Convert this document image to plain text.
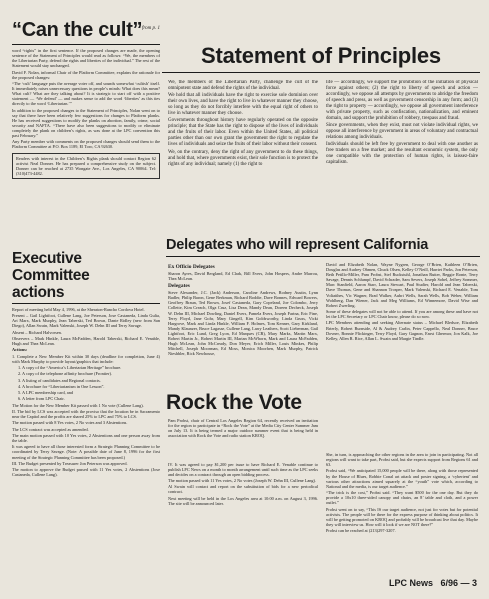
“Can the cult”
– from p. 1

word “rights” in the first sentence. If the proposed changes are made, the opening sentence of the Statement of Principles would read as follows: “We, the members of the Libertarian Party, defend the rights and liberties of the individual.” The rest of the Statement would stay unchanged.

David F. Nolan, informal Chair of the Platform Committee, explains the rationale for the proposed changes:

“The ‘cult’ language puts the average voter off, and sounds somewhat ‘cultish’ itself. It immediately raises unnecessary questions in people’s minds: What does this mean? What cult? What are they talking about? It is strategic to start off with a positive statement — ‘We defend’ — and makes sense to add the word ‘liberties’ as this ties directly to the word ‘Libertarian.’”

In addition to the proposed changes to the Statement of Principles, Nolan went on to say that there have been relatively few suggestions for changes to Platform planks. He has received suggestions to modify the planks on abortion, family, crime, social security and NAFTA. “There have also been suggestions to modify or eliminate completely the plank on children’s rights, as was done at the LPC convention this past February.”

Any Party member with comments on the proposed changes should send them to the Platform Committee at P.O. Box 1189, El Toro, CA 92630.

Readers with interest in the Children’s Rights plank should contact Region 62 activist Neal Donner. He has prepared a comprehensive study on the subject. Donner can be reached at 2735 Wongate Ave., Los Angeles, CA 90064. Tel: (310)473-4482.

Statement of Principles

We, the members of the Libertarian Party, challenge the cult of the omnipotent state and defend the rights of the individual.

We hold that all individuals have the right to exercise sole dominion over their own lives, and have the right to live in whatever manner they choose, so long as they do not forcibly interfere with the equal right of others to live in whatever manner they choose.

Governments throughout history have regularly operated on the opposite principle; that the State has the right to dispose of the lives of individuals and the fruits of their labor. Even within the United States, all political parties other than our own grant the government the right to regulate the lives of individuals and seize the fruits of their labor without their consent.

We, on the contrary, deny the right of any government to do these things, and hold that, where governments exist, their sole function is to protect the rights of any individual; namely (1) the right to

life — accordingly, we support the prohibition of the initiation of physical force against others; (2) the right to liberty of speech and action — accordingly, we oppose all attempts by governments to abridge the freedom of speech and press, as well as government censorship in any form; and (3) the right to property — accordingly, we oppose all government interference with private property, such as confiscation, nationalization, and eminent domain, and support the prohibition of robbery, trespass and fraud.

Since governments, when they exist, must not violate individual rights, we oppose all interference by government in areas of voluntary and contractual relations among individuals.

Individuals should be left free by government to deal with one another as free traders on a free market; and the resultant economic system, the only one compatible with the protection of human rights, is laissez-faire capitalism.

Executive Committee
actions

Report of meeting held May 4, 1996, at the Sheraton-Rancho Cordova Hotel.

Present – Gail Lightfoot, Cullene Lang, Joe Peterson, Jose Castaneda, Linda Gulia, Art Marx, Mark Murphy, Jean Taberski, Ted Brown, Dante Ridley (new from San Diego), Allan Swain, Mark Valenski, Joseph W. Dehn III and Terry Savage.

Absent – Richard Halvorsen.

Observers – Mark Hinkle, Laura McFadden, Harold Taberski, Richard E. Venable, Hugh and Thea McLean.

Actions:

1. Complete a New Member Kit within 30 days (deadline for completion, June 4) with Mark Murphy to provide layout/graphics that include:

1. A copy of the “America’s Libertarian Heritage” brochure.

2. A copy of the telephone affinity brochure (Frontier).

3. A listing of candidates and Regional contacts.

4. A brochure for “Libertarianism in One Lesson”.

5. A LPC membership card, and

6. A letter from LPC Chair.

The Motion for the New Member Kit passed with 1 No vote (Cullene Lang).

II. The bid by LCS was accepted with the proviso that the location be in Sacramento near the Capitol and the profits are shared 25% to LPC and 75% to LCS.

The motion passed with 8 Yes votes, 2 No votes and 3 Abstentions.

The LCS contract was accepted as amended.

The main motion passed with 10 Yes votes, 2 Abstentions and one person away from the table.

It was agreed to have all those interested form a Strategic Planning Committee to be coordinated by Terry Savage. (Note: A possible date of June 8, 1996 for the first meeting of the Strategic Planning Committee has been proposed.)

III. The Budget presented by Treasurer Jon Peterson was approved.

The motion to approve the Budget passed with 11 Yes votes, 2 Abstentions (Jose Castaneda, Cullene Lang).

Delegates who will represent California
Ex Officio Delegates

Sharon Ayres, David Bergland, Ed Clark, Bill Evers, John Hospers, Andre Marrou, Thea McLean.

Delegates

Steve Alexander, J.C. (Jack) Anderson, Caroline Andrews, Rodney Austin, Lynn Badler, Philip Baron, Gene Berkman, Richard Boddie, Dave Bonnes, Edward Bowers, Geoffrey Braun, Ted Brown, Josef Castaneda, Gary Copeland, Joe Colombo, Jerry Collette, Kim Creach, Olga Cruz, Lisa Dean, Mandy Dean, Doreen Decheck, Joseph W. Dehn III, Michael Dowling, Daniel Evers, Pamela Evers, Joseph Farina, Eric Fine, Terry Floyd, Jane Gohr, Mary Gingell, Kim Goldsworthy, Linda Gruss, Vicki Hargrove, Mark and Linda Hinkle, William F. Holmes, Tom Kenner, Gary Kirkland, Mandy Klaunzer, Bruce Lagasse, Cullene Lang, Larry Leathers, Scott Lieberman, Gail Lightfoot, Eric Lund, Greg Lyon, Ed Marques (CR), Mary Marks, Martin Marx, Robert Martin Jr., Robert Martin III, Marian McWhorn, Mark and Laura McFadden, Hugh McLean, John McCready, Don Meyer, Erich Miller, Louis Minkes, Philip Mitchell, Joseph Moorman, Ed Moss, Monica Moorhen, Mark Murphy, Patrick Nieshbler, Rick Newhouse,

David and Elizabeth Nolan, Wayne Nygren, George O’Brien, Kathleen O’Brien, Douglas and Audrey Ohmen, Chuck Olsen, Kelley O’Neill, Harriet Parks, Jon Peterson, Beth Petillo-Miller, Pam Probst, Stef Ruckstuhl, Jonathan Rutter, Reggie Ronte, Terry Savage, Dennis Schlumpf, David Schrader, Sam Severs, Joseph Sobel, Jeffrey Sommer, Marc Stanfield, Aaron Starr, Laura Stewart, Paul Studier, Harold and Jean Taberski, Dave Thomas, Gene and Shannon Trosper, Mark Valenski, Richard E. Venable, Tom Voliaithes, Vic Wagner, Brad Walker, Aubri Wells, Sarah Wells, Bob Weber, William Wohlberg, Dan Wiener, Jack and Meg Williams, Ed Winnemore, David Wise and Robert Zwerling.

Some of these delegates will not be able to attend. If you are among these and have not let the LPC Secretary or LPC Chair know, please do so now.

LPC Members attending and seeking Alternate status – Michael Bledsoe, Elizabeth Brierly, Robert Burnside, Al & Audrey Carlin, Peter Cappello, Neal Donner, Bruce Dovner, Bonnie Flickinger, Terry Floyd, Gary Gagnon, Enrst Ghermor, Jon Kalk, Joe Kelley, Allen R. Rice, Allan L. Swain and Margie Tindle.

Rock the Vote

Pam Probst, chair of Central Los Angeles Region 64, recently received an invitation for the region to participate in “Rock the Vote” at the Media City Center Summer Jam on July 13. It is being termed a major outdoor summer event that is being held in association with Rock the Vote and radio station KROQ.

IV. It was agreed to pay $1,200 per issue to have Richard E. Venable continue to publish LPC News on a month to month arrangement until such time as the LPC seeks and decides on a contract through an open bidding process.

The motion passed with 11 Yes votes, 2 No votes (Joseph W. Dehn III, Cullene Lang).

Al Swain will contact and report on the substitution of bids for a new periodical contract.

Next meeting will be held in the Los Angeles area at 10:00 a.m. on August 3, 1996. The site will be announced later.

She, in turn, is approaching the other regions in the area to join in participating. Not all regions will want to take part, Probst said, but she expects support from Regions 61 and 63.

Probst said, “We anticipated 15,000 people will be there, along with those represented by the House of Blues, Robbie Conal art attack and poster signing, a ‘cybertent’ and various other attractions aimed squarely at the “youth” vote which, according to National and the media, is our target audience.”

“The trick is the cost,” Probst said. “They want $500 for the one day. But they do provide a 10x10 three-sided canopy and chairs, an 8’ table and cloth, and a power outlet.”

Probst went on to say, “This IS our target audience, not just for votes but for potential activists. The people will be there for the express purpose of thinking about politics. It will be getting promoted on KROQ and probably will be broadcast live that day. Maybe they will interview us. How will it look if we are NOT there?”

Probst can be reached at (213)297-3207.

LPC News   6/96 — 3
